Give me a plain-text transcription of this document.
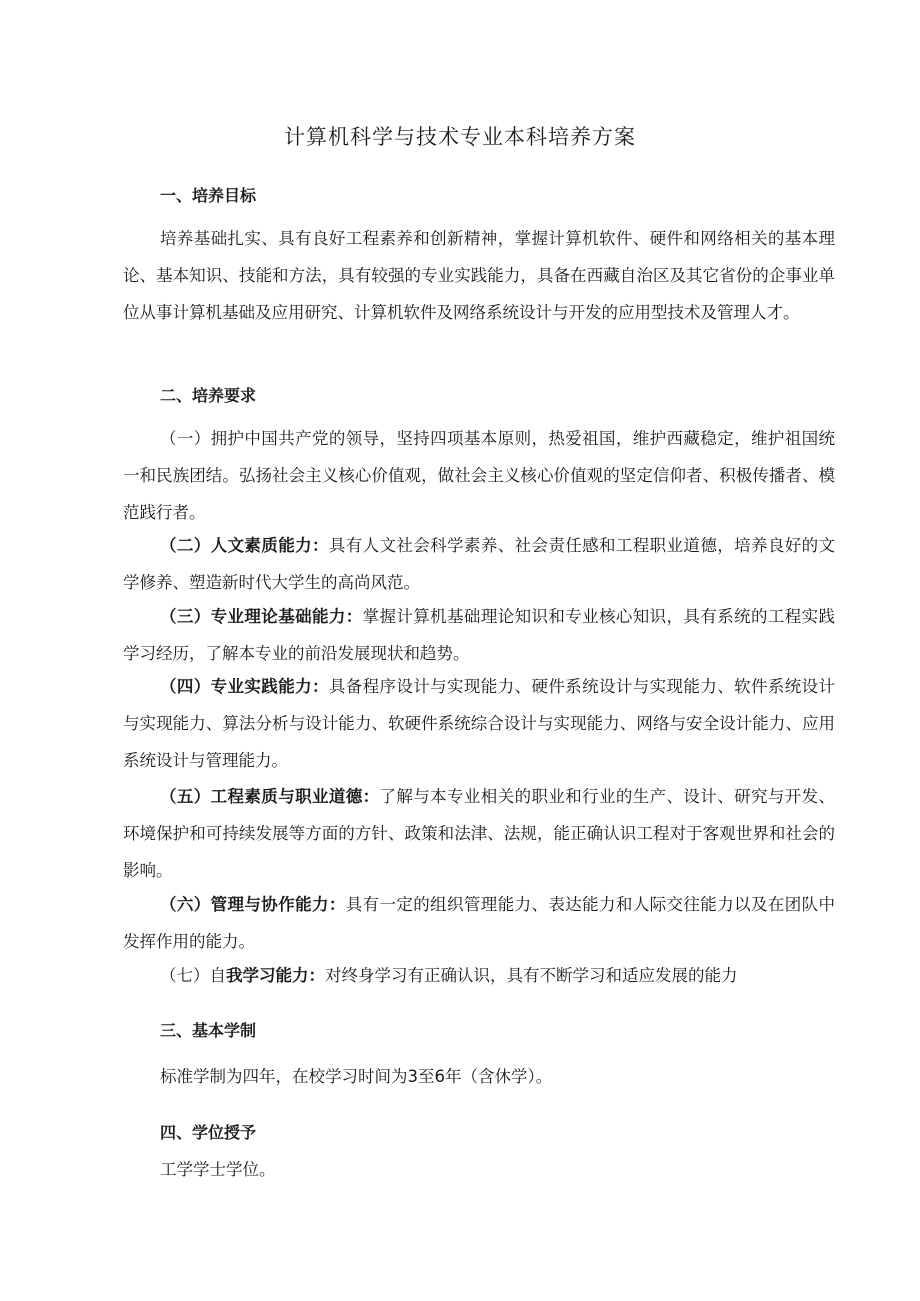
计算机科学与技术专业本科培养方案
一、培养目标
培养基础扎实、具有良好工程素养和创新精神，掌握计算机软件、硬件和网络相关的基本理论、基本知识、技能和方法，具有较强的专业实践能力，具备在西藏自治区及其它省份的企事业单位从事计算机基础及应用研究、计算机软件及网络系统设计与开发的应用型技术及管理人才。
二、培养要求
（一）拥护中国共产党的领导，坚持四项基本原则，热爱祖国，维护西藏稳定，维护祖国统一和民族团结。弘扬社会主义核心价值观，做社会主义核心价值观的坚定信仰者、积极传播者、模范践行者。
（二）人文素质能力：具有人文社会科学素养、社会责任感和工程职业道德，培养良好的文学修养、塑造新时代大学生的高尚风范。
（三）专业理论基础能力：掌握计算机基础理论知识和专业核心知识，具有系统的工程实践学习经历，了解本专业的前沿发展现状和趋势。
（四）专业实践能力：具备程序设计与实现能力、硬件系统设计与实现能力、软件系统设计与实现能力、算法分析与设计能力、软硬件系统综合设计与实现能力、网络与安全设计能力、应用系统设计与管理能力。
（五）工程素质与职业道德：了解与本专业相关的职业和行业的生产、设计、研究与开发、环境保护和可持续发展等方面的方针、政策和法津、法规，能正确认识工程对于客观世界和社会的影响。
（六）管理与协作能力：具有一定的组织管理能力、表达能力和人际交往能力以及在团队中发挥作用的能力。
（七）自我学习能力：对终身学习有正确认识，具有不断学习和适应发展的能力
三、基本学制
标准学制为四年，在校学习时间为3至6年（含休学）。
四、学位授予
工学学士学位。
